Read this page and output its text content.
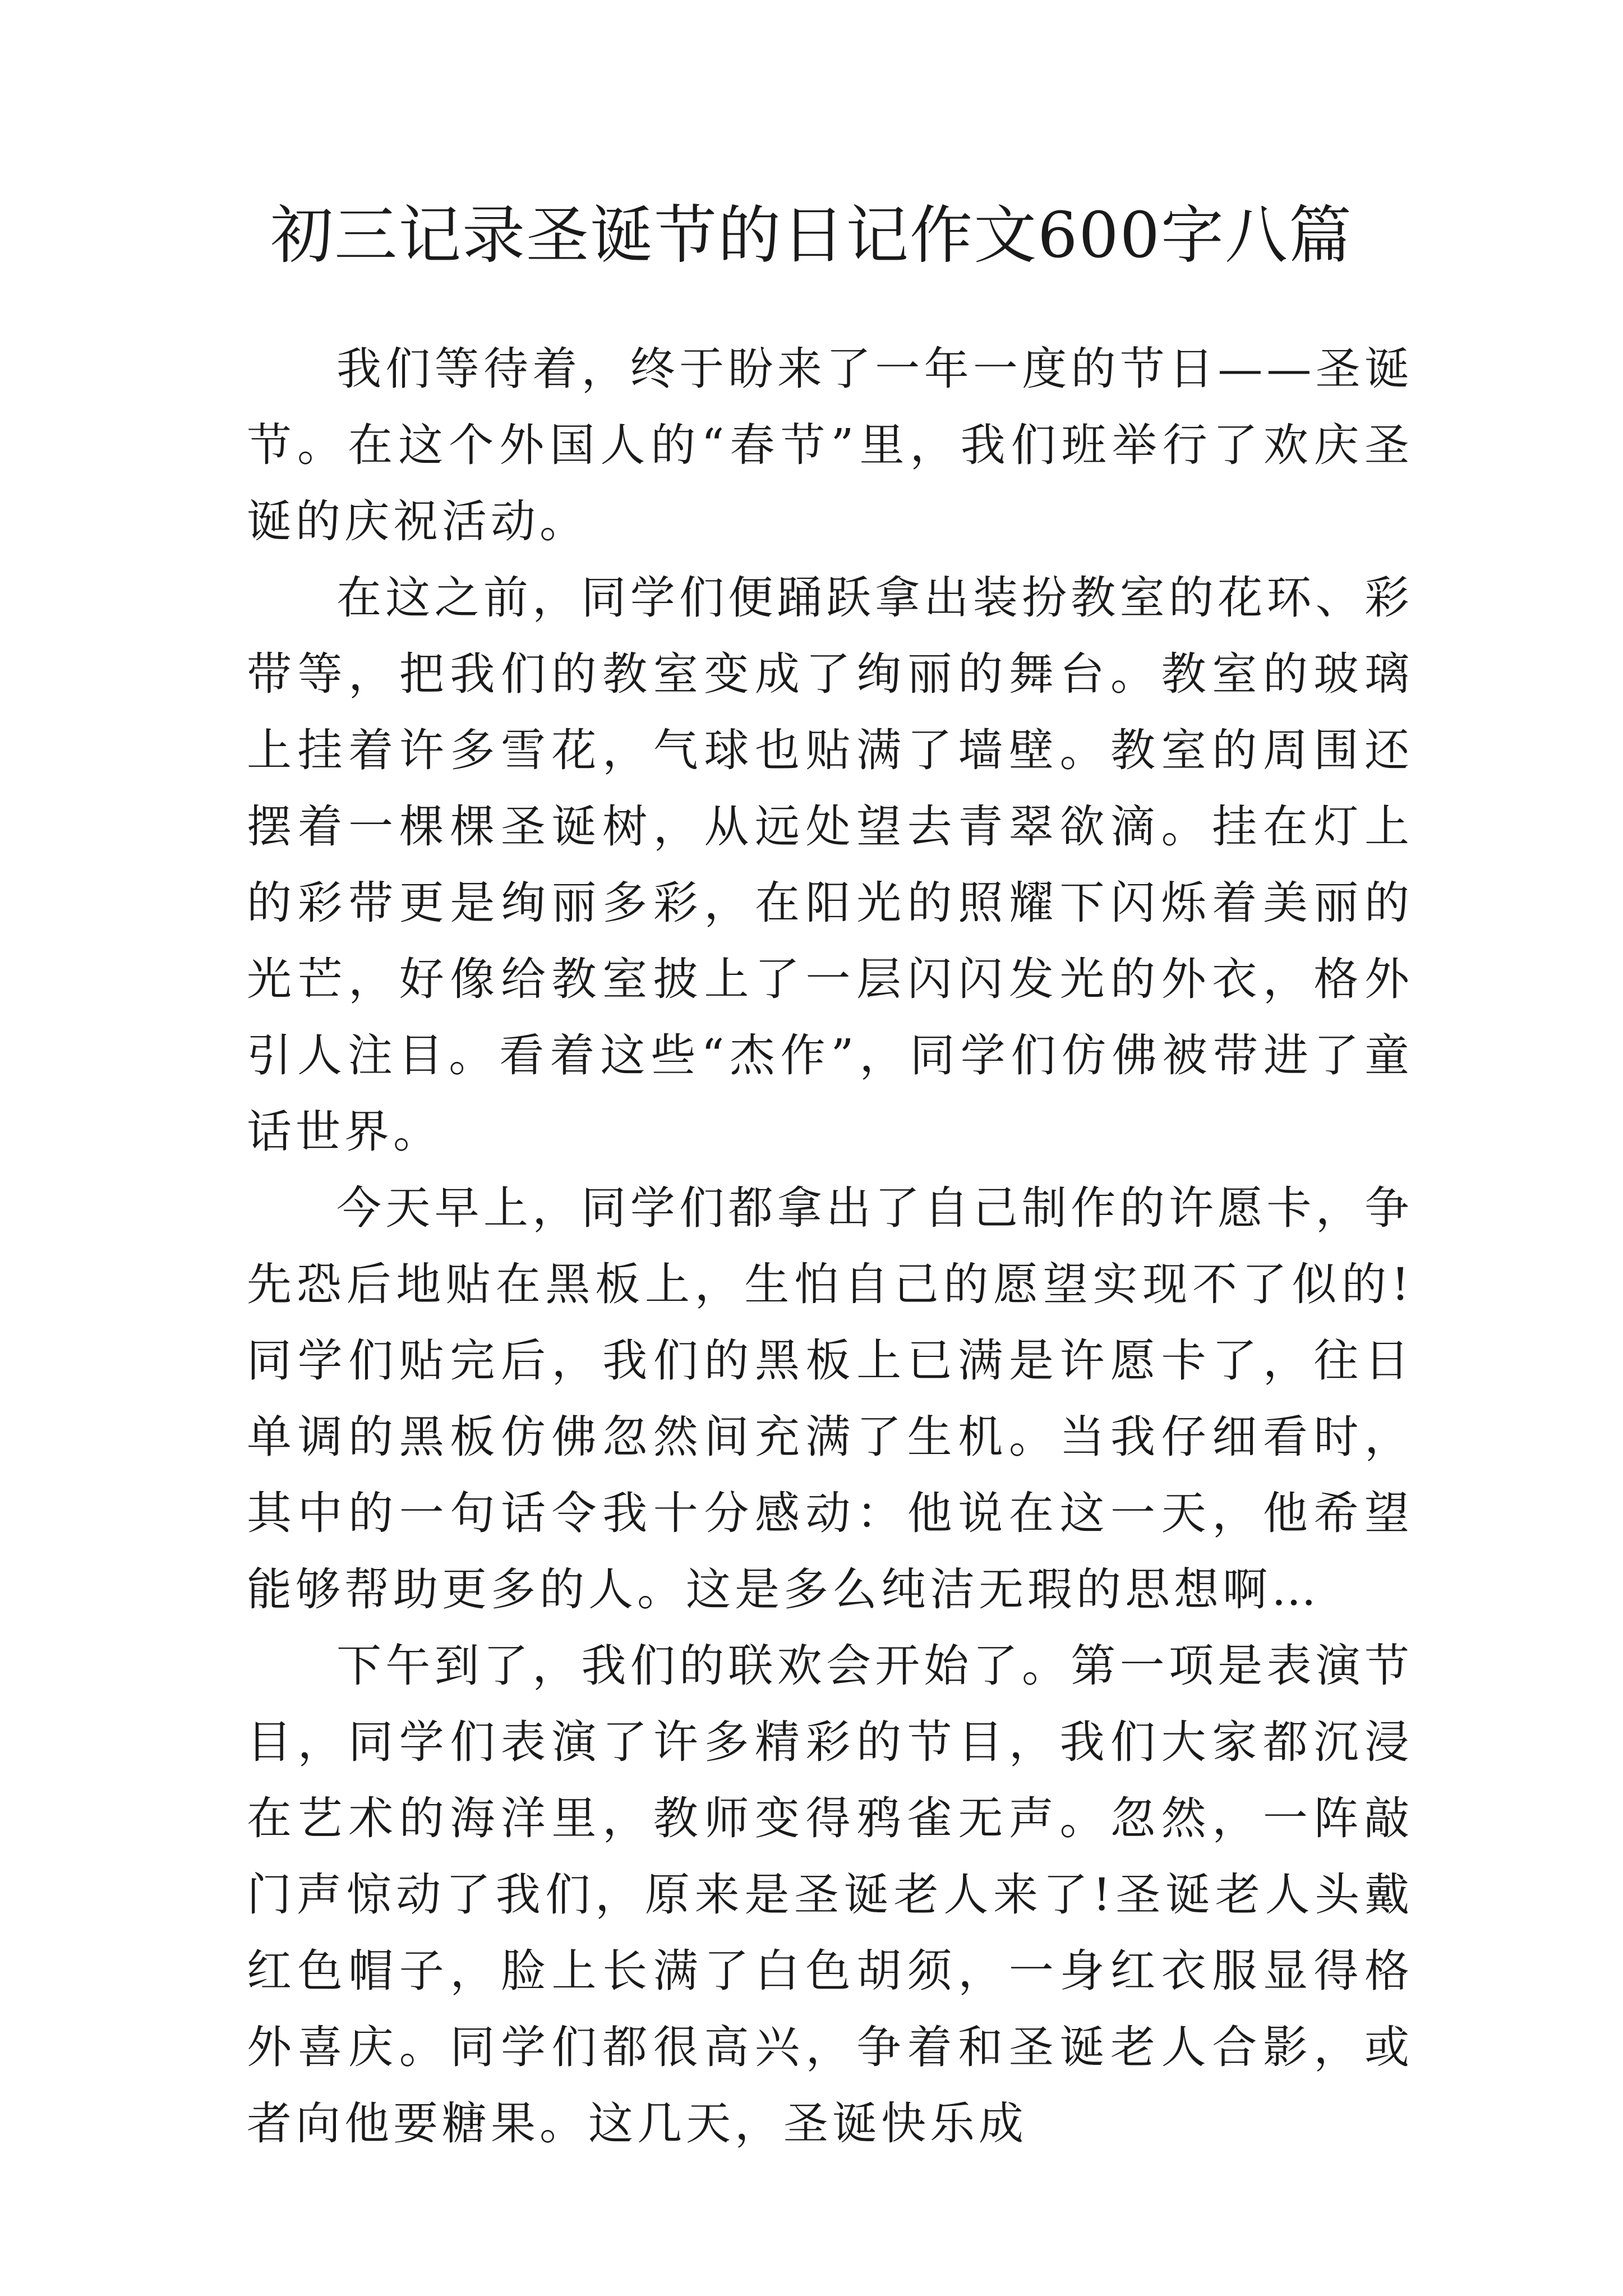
初三记录圣诞节的日记作文600字八篇

我们等待着，终于盼来了一年一度的节日——圣诞节。在这个外国人的“春节”里，我们班举行了欢庆圣诞的庆祝活动。

在这之前，同学们便踊跃拿出装扮教室的花环、彩带等，把我们的教室变成了绚丽的舞台。教室的玻璃上挂着许多雪花，气球也贴满了墙壁。教室的周围还摆着一棵棵圣诞树，从远处望去青翠欲滴。挂在灯上的彩带更是绚丽多彩，在阳光的照耀下闪烁着美丽的光芒，好像给教室披上了一层闪闪发光的外衣，格外引人注目。看着这些“杰作”，同学们仿佛被带进了童话世界。

今天早上，同学们都拿出了自己制作的许愿卡，争先恐后地贴在黑板上，生怕自己的愿望实现不了似的!同学们贴完后，我们的黑板上已满是许愿卡了，往日单调的黑板仿佛忽然间充满了生机。当我仔细看时，其中的一句话令我十分感动：他说在这一天，他希望能够帮助更多的人。这是多么纯洁无瑕的思想啊…

下午到了，我们的联欢会开始了。第一项是表演节目，同学们表演了许多精彩的节目，我们大家都沉浸在艺术的海洋里，教师变得鸦雀无声。忽然，一阵敲门声惊动了我们，原来是圣诞老人来了!圣诞老人头戴红色帽子，脸上长满了白色胡须，一身红衣服显得格外喜庆。同学们都很高兴，争着和圣诞老人合影，或者向他要糖果。这几天，圣诞快乐成
